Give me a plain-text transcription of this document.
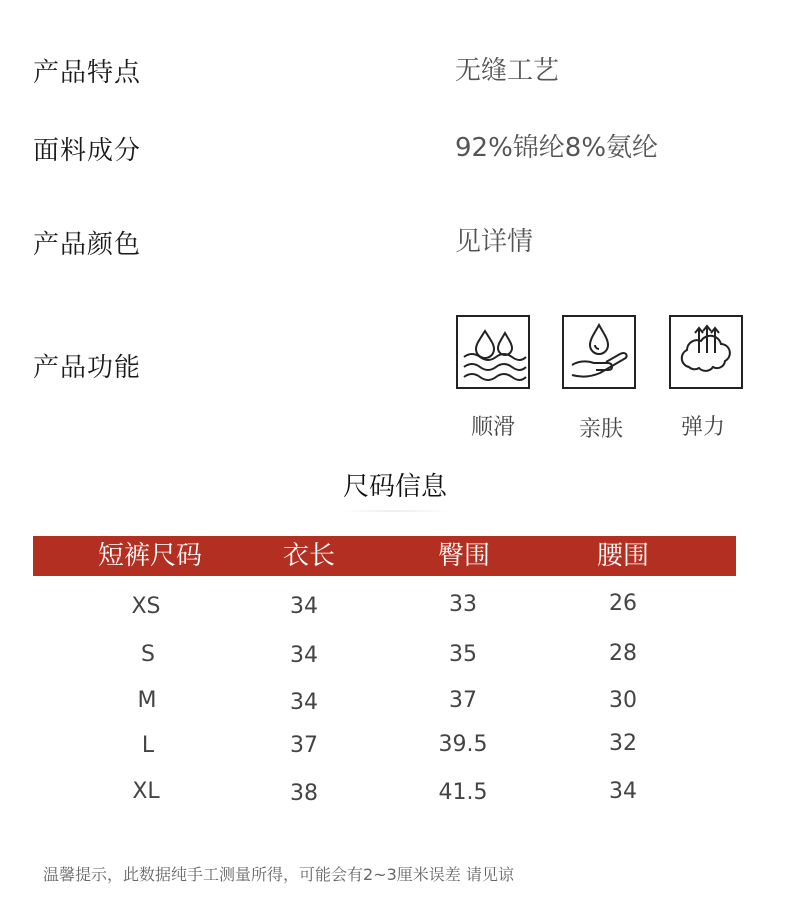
产品特点	无缝工艺
面料成分	92%锦纶8%氨纶
产品颜色	见详情
产品功能
顺滑	亲肤	弹力
尺码信息
短裤尺码	衣长	臀围	腰围
XS	34	33	26
S	34	35	28
M	34	37	30
L	37	39.5	32
XL	38	41.5	34
温馨提示，此数据纯手工测量所得，可能会有2~3厘米误差 请见谅
